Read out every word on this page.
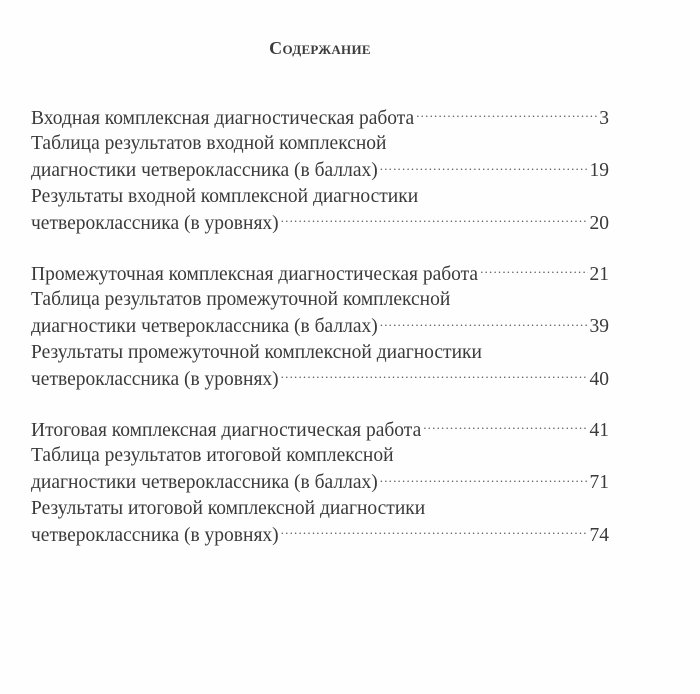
Содержание
Входная комплексная диагностическая работа .....	3
Таблица результатов входной комплексной
диагностики четвероклассника (в баллах) .....	19
Результаты входной комплексной диагностики
четвероклассника (в уровнях) .....	20
Промежуточная комплексная диагностическая работа .....	21
Таблица результатов промежуточной комплексной
диагностики четвероклассника (в баллах) .....	39
Результаты промежуточной комплексной диагностики
четвероклассника (в уровнях) .....	40
Итоговая комплексная диагностическая работа .....	41
Таблица результатов итоговой комплексной
диагностики четвероклассника (в баллах) .....	71
Результаты итоговой комплексной диагностики
четвероклассника (в уровнях) .....	74
